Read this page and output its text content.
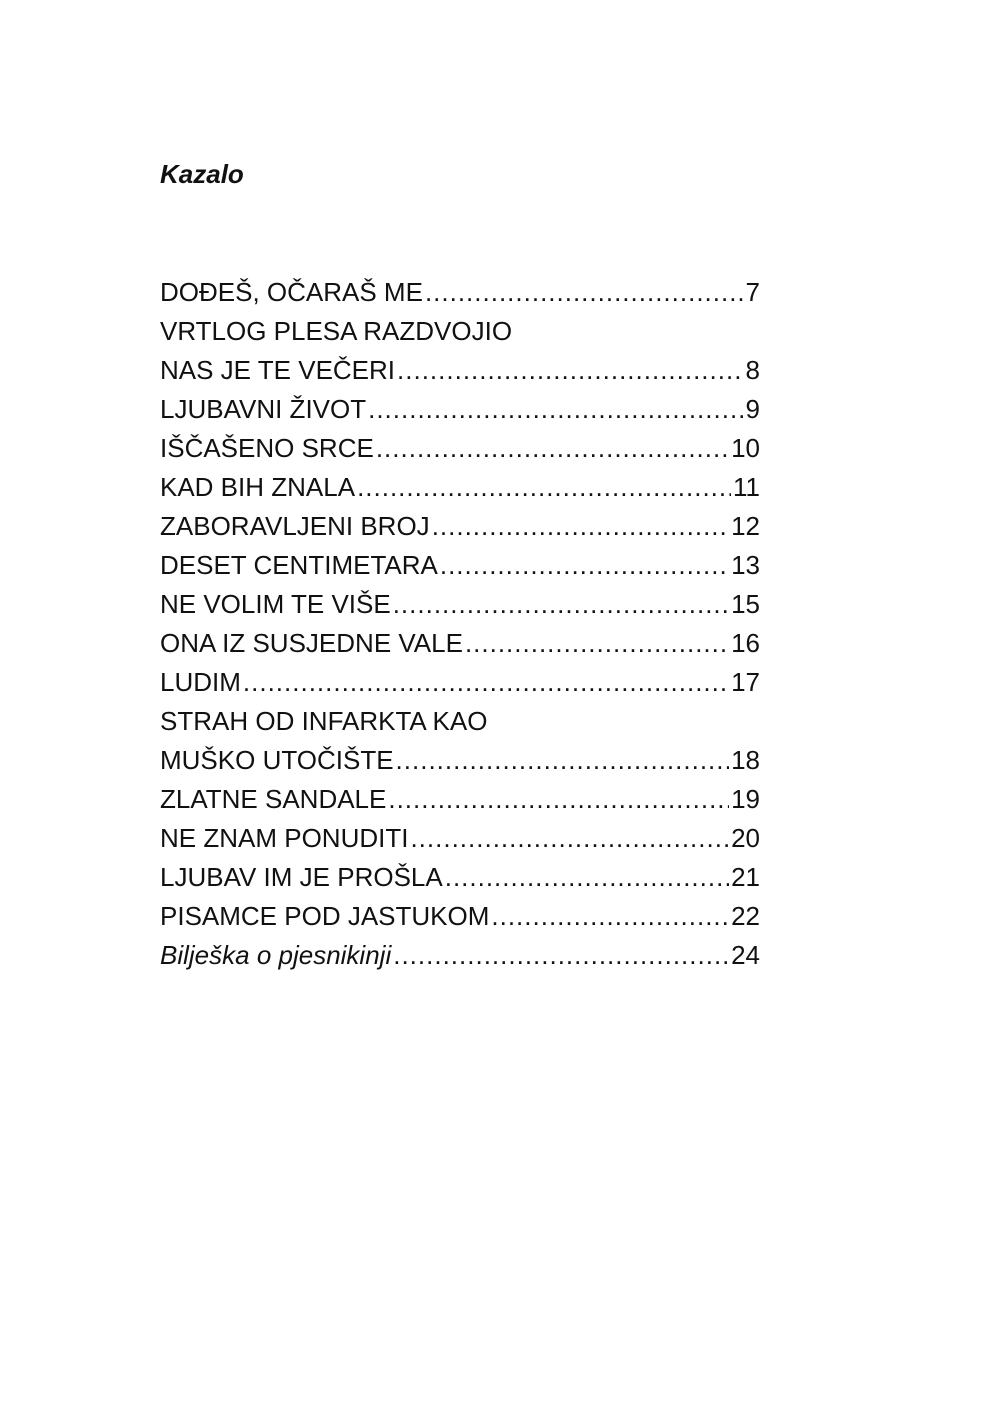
Kazalo
DOĐEŠ, OČARAŠ ME .....	7
VRTLOG PLESA RAZDVOJIO
NAS JE TE VEČERI .....	8
LJUBAVNI ŽIVOT .....	9
IŠČAŠENO SRCE .....	10
KAD BIH ZNALA .....	11
ZABORAVLJENI BROJ .....	12
DESET CENTIMETARA .....	13
NE VOLIM TE VIŠE .....	15
ONA IZ SUSJEDNE VALE .....	16
LUDIM .....	17
STRAH OD INFARKTA KAO
MUŠKO UTOČIŠTE .....	18
ZLATNE SANDALE .....	19
NE ZNAM PONUDITI .....	20
LJUBAV IM JE PROŠLA .....	21
PISAMCE POD JASTUKOM .....	22
Bilješka o pjesnikinji .....	24
